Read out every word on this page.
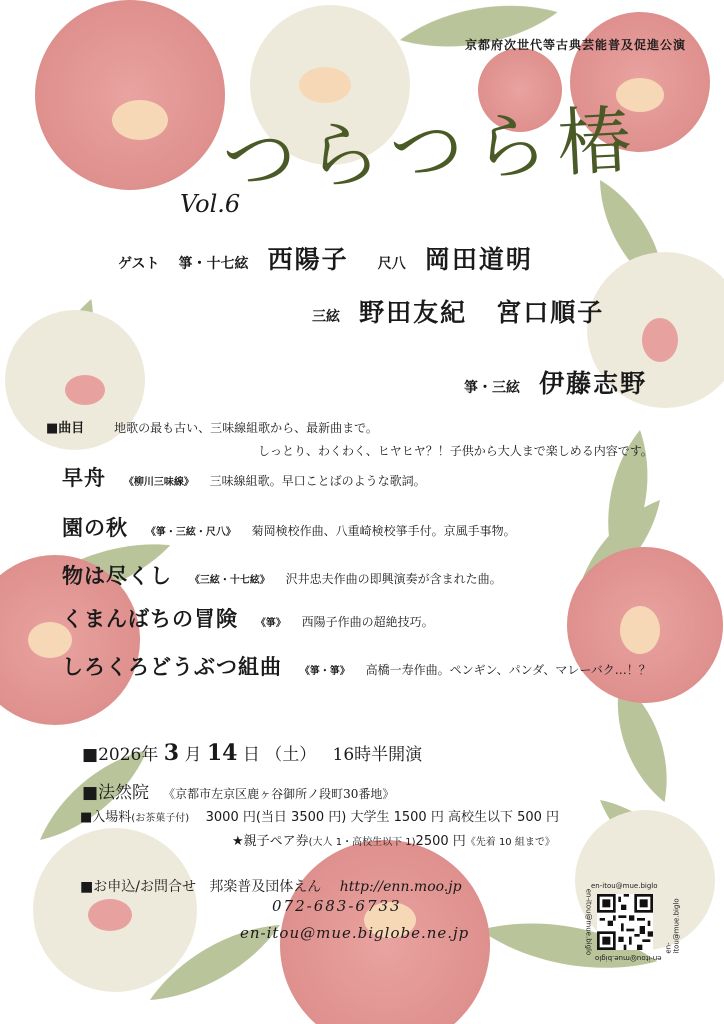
京都府次世代等古典芸能普及促進公演
つらつら椿
Vol.6
ゲスト 箏・十七絃 西陽子 尺八 岡田道明
三絃 野田友紀 宮口順子
箏・三絃 伊藤志野
■曲目 地歌の最も古い、三味線組歌から、最新曲まで。
しっとり、わくわく、ヒヤヒヤ？！子供から大人まで楽しめる内容です。
早舟 《柳川三味線》 三味線組歌。早口ことばのような歌詞。
園の秋 《箏・三絃・尺八》 菊岡検校作曲、八重崎検校箏手付。京風手事物。
物は尽くし 《三絃・十七絃》 沢井忠夫作曲の即興演奏が含まれた曲。
くまんばちの冒険 《箏》 西陽子作曲の超絶技巧。
しろくろどうぶつ組曲 《箏・箏》 高橋一寿作曲。ペンギン、パンダ、マレーバク…！？
■2026年 3 月 14 日 （土） 16時半開演
■法然院 《京都市左京区鹿ヶ谷御所ノ段町30番地》
■入場料(お茶菓子付) 3000 円(当日 3500 円) 大学生 1500 円 高校生以下 500 円
★親子ペア券(大人 1・高校生以下 1)2500 円《先着 10 組まで》
■お申込/お問合せ 邦楽普及団体えん http://enn.moo.jp
072-683-6733
en-itou@mue.biglobe.ne.jp
en-itou@mue.biglo
en-itou@mue.biglo
en-itou@mue.biglo	en-itou@mue.biglo
